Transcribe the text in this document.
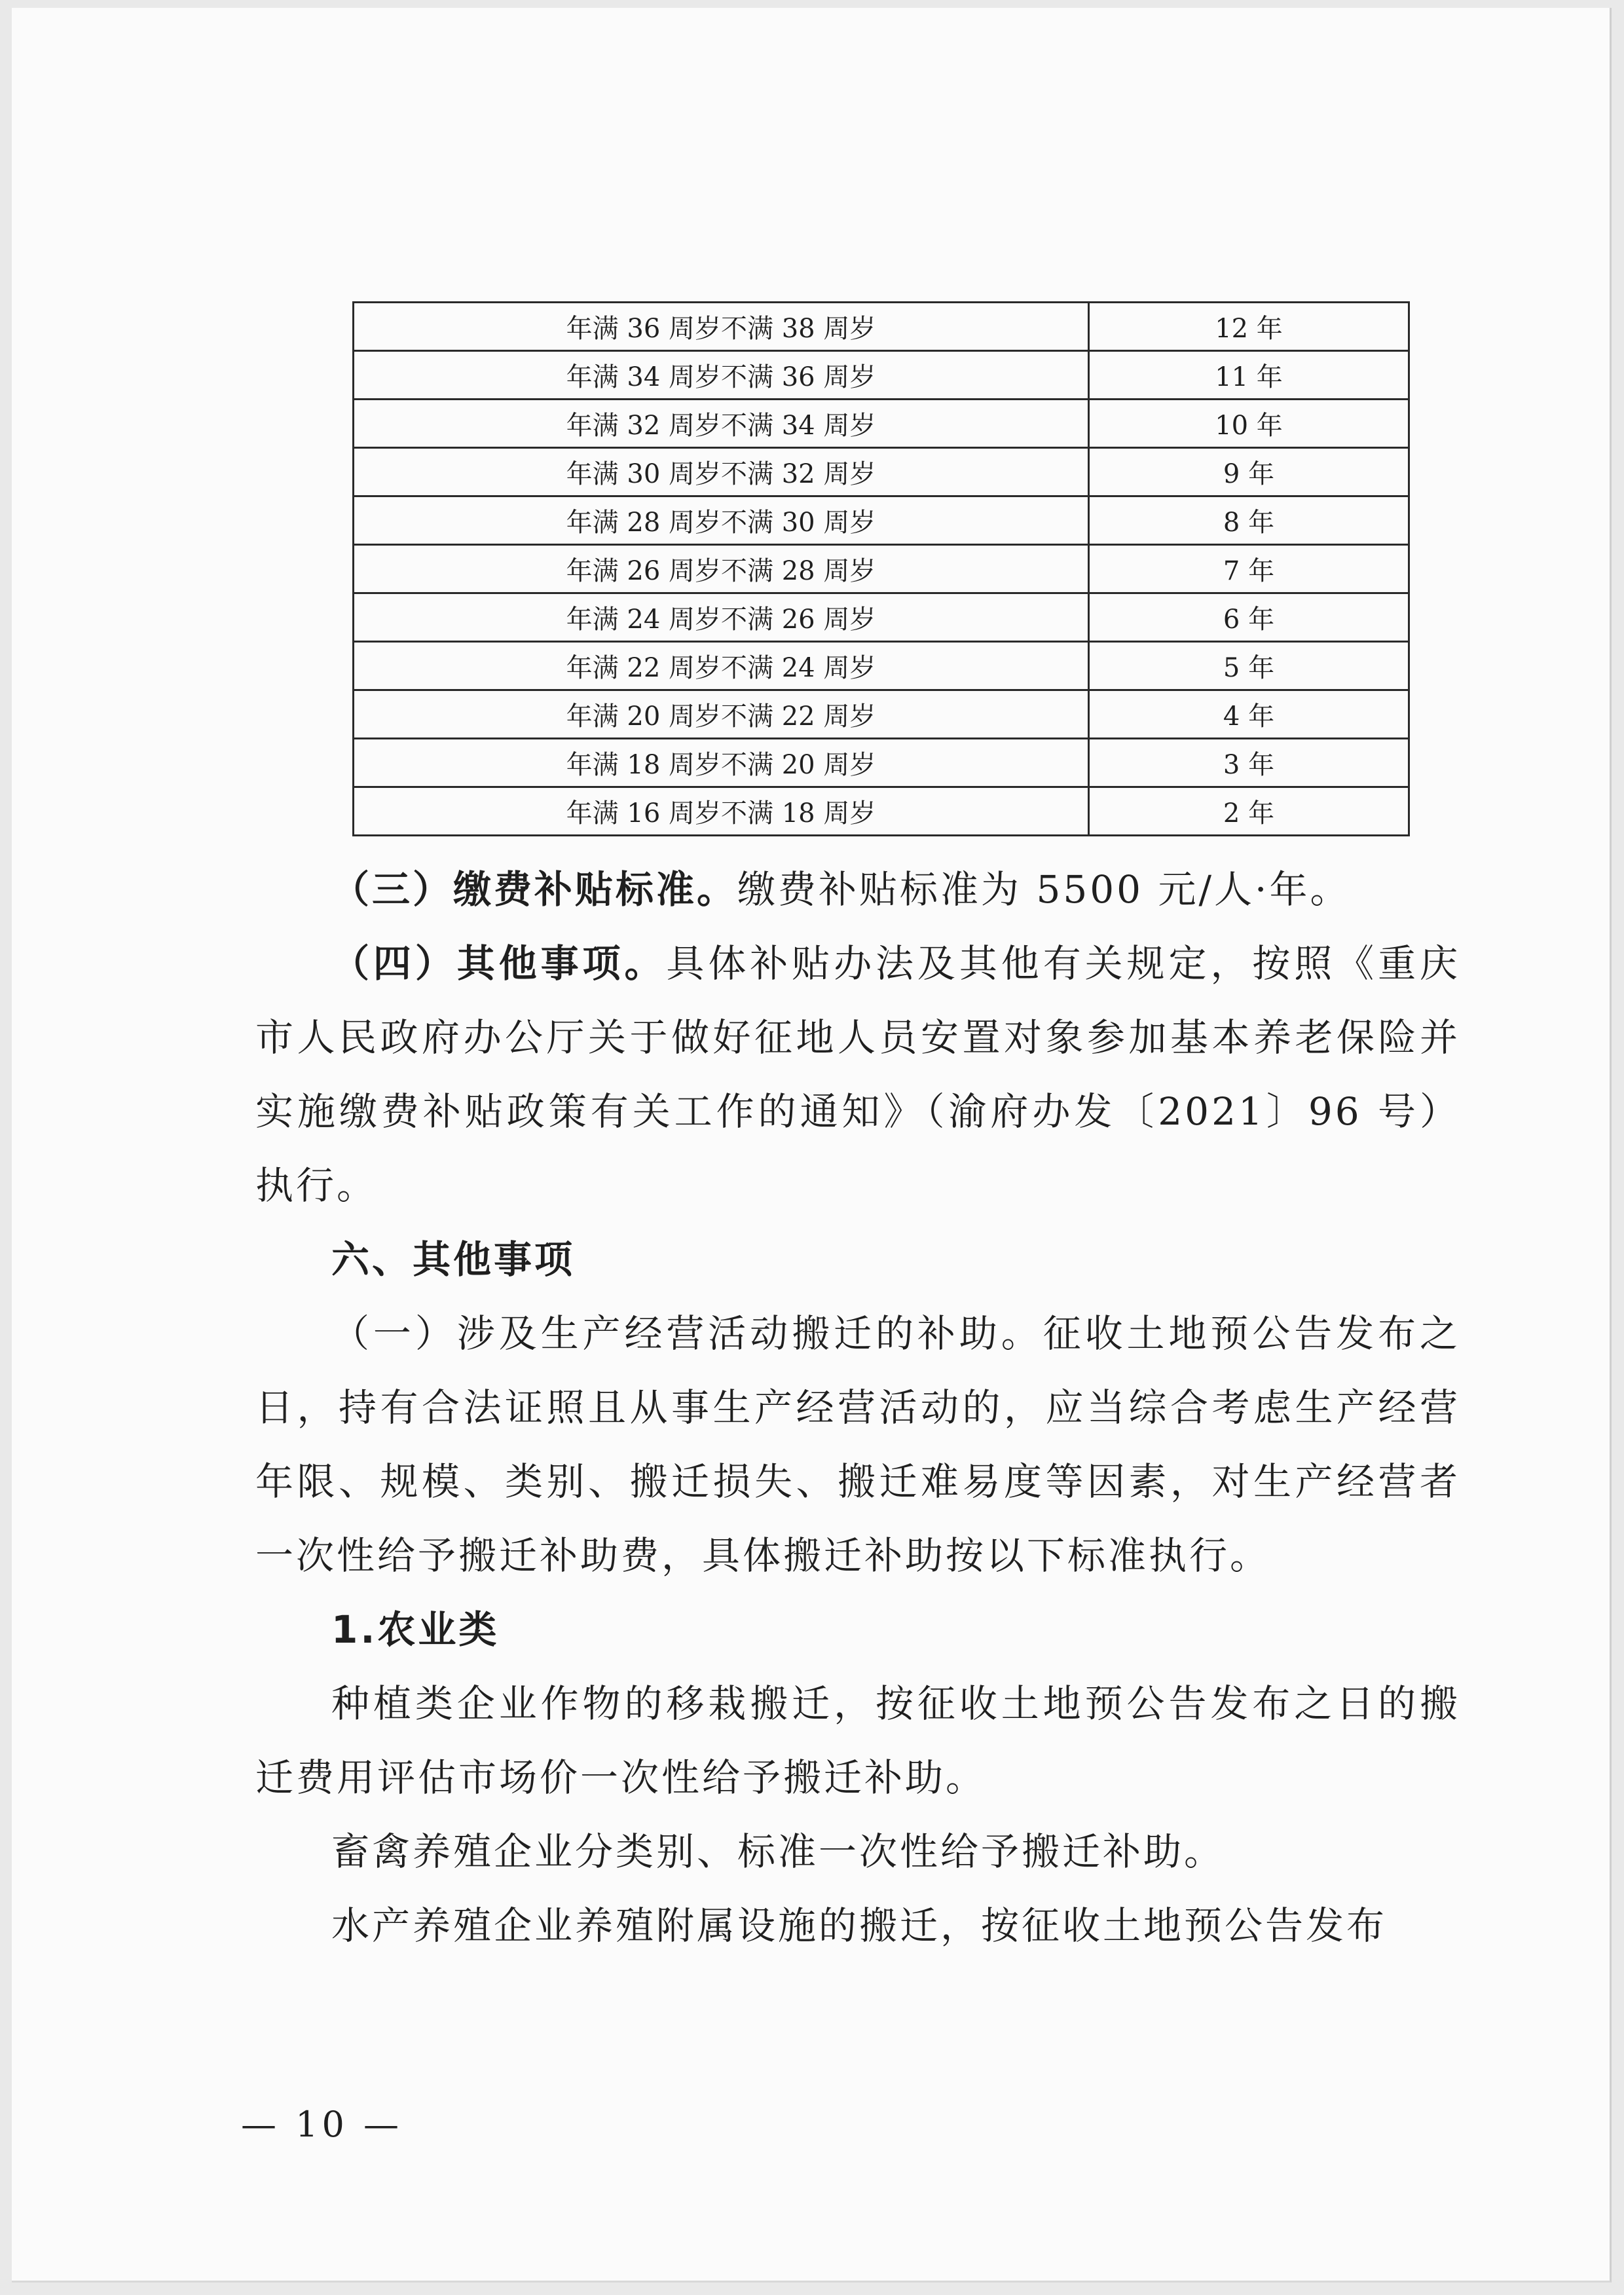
年满 36 周岁不满 38 周岁	12 年
年满 34 周岁不满 36 周岁	11 年
年满 32 周岁不满 34 周岁	10 年
年满 30 周岁不满 32 周岁	9 年
年满 28 周岁不满 30 周岁	8 年
年满 26 周岁不满 28 周岁	7 年
年满 24 周岁不满 26 周岁	6 年
年满 22 周岁不满 24 周岁	5 年
年满 20 周岁不满 22 周岁	4 年
年满 18 周岁不满 20 周岁	3 年
年满 16 周岁不满 18 周岁	2 年

（三）缴费补贴标准。缴费补贴标准为 5500 元/人·年。

（四）其他事项。具体补贴办法及其他有关规定，按照《重庆市人民政府办公厅关于做好征地人员安置对象参加基本养老保险并实施缴费补贴政策有关工作的通知》（渝府办发〔2021〕96 号）执行。

六、其他事项

（一）涉及生产经营活动搬迁的补助。征收土地预公告发布之日，持有合法证照且从事生产经营活动的，应当综合考虑生产经营年限、规模、类别、搬迁损失、搬迁难易度等因素，对生产经营者一次性给予搬迁补助费，具体搬迁补助按以下标准执行。

1.农业类

种植类企业作物的移栽搬迁，按征收土地预公告发布之日的搬迁费用评估市场价一次性给予搬迁补助。

畜禽养殖企业分类别、标准一次性给予搬迁补助。

水产养殖企业养殖附属设施的搬迁，按征收土地预公告发布

— 10 —
